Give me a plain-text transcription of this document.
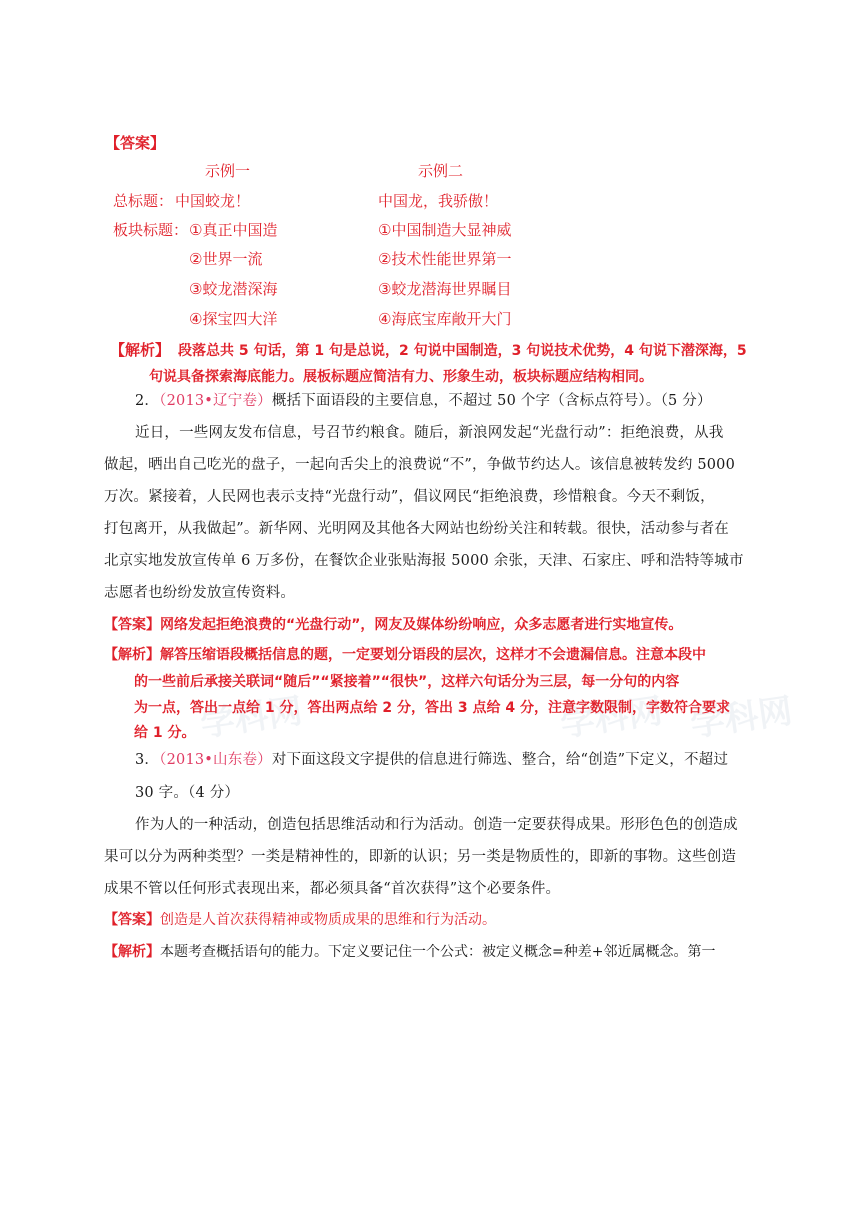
学科网 学科网
学科网
【答案】
示例一	示例二
总标题： 中国蛟龙！	中国龙，我骄傲！
板块标题： ①真正中国造
②世界一流
③蛟龙潜深海
④探宝四大洋
①中国制造大显神威
②技术性能世界第一
③蛟龙潜海世界瞩目
④海底宝库敞开大门
【解析】 段落总共 5 句话，第 1 句是总说，2 句说中国制造，3 句说技术优势，4 句说下潜深海，5
句说具备探索海底能力。展板标题应简洁有力、形象生动，板块标题应结构相同。
2．（2013•辽宁卷）概括下面语段的主要信息，不超过 50 个字（含标点符号）。（5 分）
近日，一些网友发布信息，号召节约粮食。随后，新浪网发起“光盘行动”：拒绝浪费，从我
做起，晒出自己吃光的盘子，一起向舌尖上的浪费说“不”，争做节约达人。该信息被转发约 5000
万次。紧接着，人民网也表示支持“光盘行动”，倡议网民“拒绝浪费，珍惜粮食。今天不剩饭，
打包离开，从我做起”。新华网、光明网及其他各大网站也纷纷关注和转载。很快，活动参与者在
北京实地发放宣传单 6 万多份，在餐饮企业张贴海报 5000 余张，天津、石家庄、呼和浩特等城市
志愿者也纷纷发放宣传资料。
【答案】网络发起拒绝浪费的“光盘行动”，网友及媒体纷纷响应，众多志愿者进行实地宣传。
【解析】解答压缩语段概括信息的题，一定要划分语段的层次，这样才不会遗漏信息。注意本段中
的一些前后承接关联词“随后”“紧接着”“很快”，这样六句话分为三层，每一分句的内容
为一点，答出一点给 1 分，答出两点给 2 分，答出 3 点给 4 分，注意字数限制，字数符合要求
给 1 分。
3．（2013•山东卷）对下面这段文字提供的信息进行筛选、整合，给“创造”下定义，不超过
30 字。（4 分）
作为人的一种活动，创造包括思维活动和行为活动。创造一定要获得成果。形形色色的创造成
果可以分为两种类型？一类是精神性的，即新的认识；另一类是物质性的，即新的事物。这些创造
成果不管以任何形式表现出来，都必须具备“首次获得”这个必要条件。
【答案】创造是人首次获得精神或物质成果的思维和行为活动。
【解析】本题考查概括语句的能力。下定义要记住一个公式：被定义概念=种差+邻近属概念。第一
